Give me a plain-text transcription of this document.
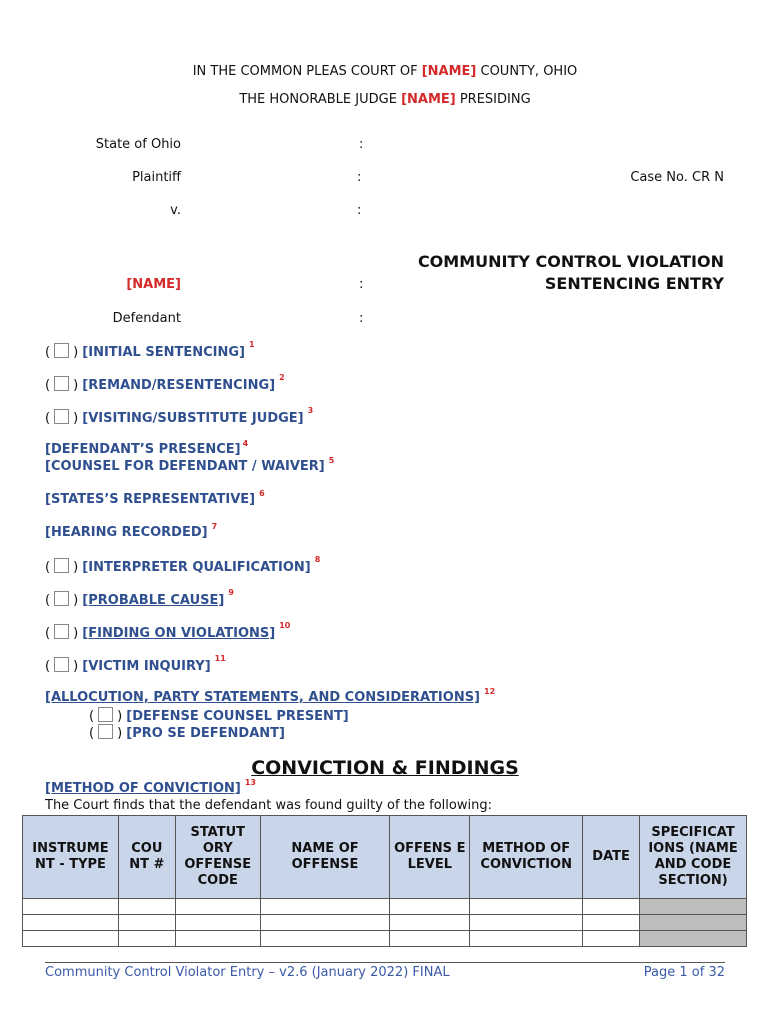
IN THE COMMON PLEAS COURT OF [NAME] COUNTY, OHIO
THE HONORABLE JUDGE [NAME] PRESIDING
State of Ohio	:
Plaintiff	:	Case No. CR N
v.	:
COMMUNITY CONTROL VIOLATION
SENTENCING ENTRY
[NAME]	:
Defendant	:
( ) [INITIAL SENTENCING]$^1$
( ) [REMAND/RESENTENCING]$^2$
( ) [VISITING/SUBSTITUTE JUDGE]$^3$
[DEFENDANT’S PRESENCE] $^4$
[COUNSEL FOR DEFENDANT / WAIVER] $^5$
[STATES’S REPRESENTATIVE] $^6$
[HEARING RECORDED] $^7$
( ) [INTERPRETER QUALIFICATION]$^8$
( ) [PROBABLE CAUSE]$^9$
( ) [FINDING ON VIOLATIONS]$^{10}$
( ) [VICTIM INQUIRY]$^{11}$
[ALLOCUTION, PARTY STATEMENTS, AND CONSIDERATIONS] $^{12}$
( ) [DEFENSE COUNSEL PRESENT]
( ) [PRO SE DEFENDANT]
CONVICTION & FINDINGS
[METHOD OF CONVICTION] $^{13}$
The Court finds that the defendant was found guilty of the following:
INSTRUME NT - TYPE	COU NT #	STATUT ORY OFFENSE CODE	NAME OF OFFENSE	OFFENS E LEVEL	METHOD OF CONVICTION	DATE	SPECIFICAT IONS (NAME AND CODE SECTION)

Community Control Violator Entry – v2.6 (January 2022) FINAL	Page 1 of 32
